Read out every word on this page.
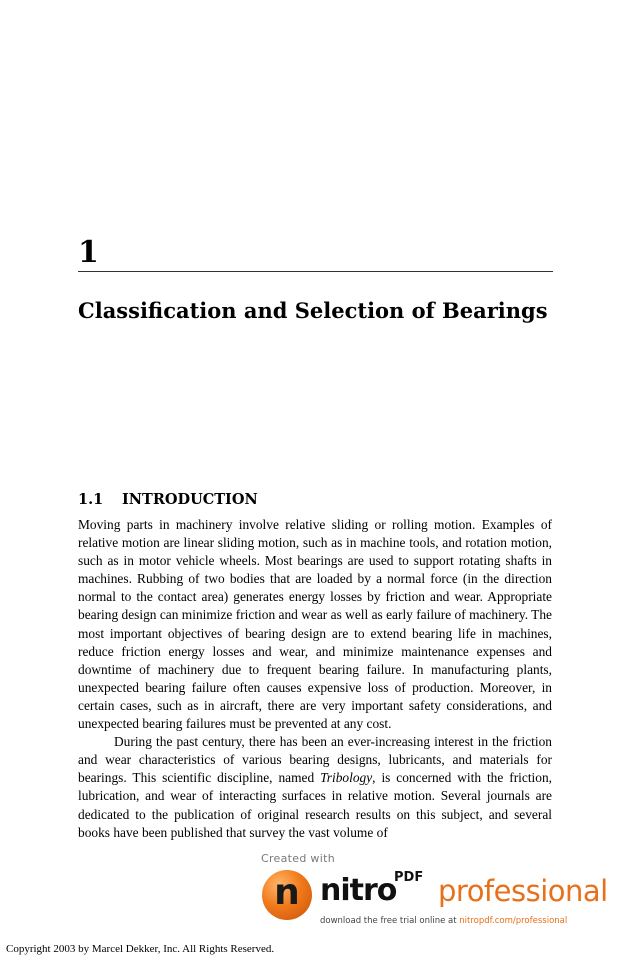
1
Classification and Selection of Bearings
1.1 INTRODUCTION

Moving parts in machinery involve relative sliding or rolling motion. Examples of relative motion are linear sliding motion, such as in machine tools, and rotation motion, such as in motor vehicle wheels. Most bearings are used to support rotating shafts in machines. Rubbing of two bodies that are loaded by a normal force (in the direction normal to the contact area) generates energy losses by friction and wear. Appropriate bearing design can minimize friction and wear as well as early failure of machinery. The most important objectives of bearing design are to extend bearing life in machines, reduce friction energy losses and wear, and minimize maintenance expenses and downtime of machinery due to frequent bearing failure. In manufacturing plants, unexpected bearing failure often causes expensive loss of production. Moreover, in certain cases, such as in aircraft, there are very important safety considerations, and unexpected bearing failures must be prevented at any cost.

During the past century, there has been an ever-increasing interest in the friction and wear characteristics of various bearing designs, lubricants, and materials for bearings. This scientific discipline, named Tribology, is concerned with the friction, lubrication, and wear of interacting surfaces in relative motion. Several journals are dedicated to the publication of original research results on this subject, and several books have been published that survey the vast volume of

Created with
n nitro
PDF professional
download the free trial online at nitropdf.com/professional
Copyright 2003 by Marcel Dekker, Inc. All Rights Reserved.
